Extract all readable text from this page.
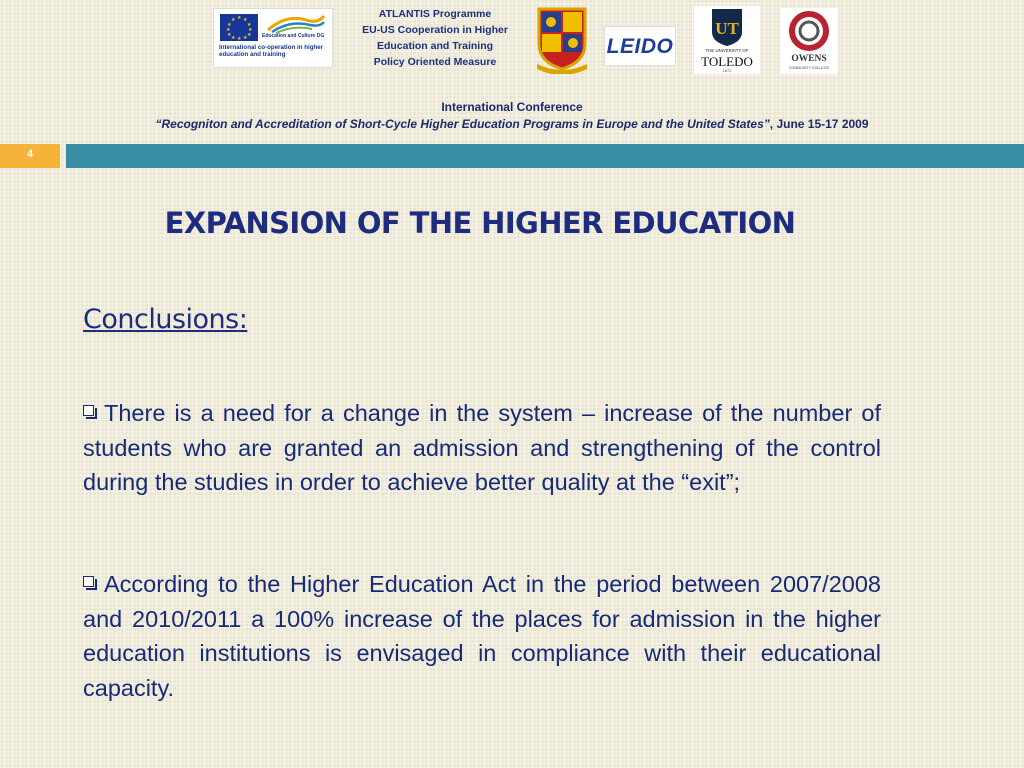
★ ★
★
★
★
★
★
★
★
★
★
★
Education and Culture DG
International co-operation in higher education and training
ATLANTIS Programme
EU-US Cooperation in Higher
Education and Training
Policy Oriented Measure
LEIDO
UT
THE UNIVERSITY OF
TOLEDO
1872
OWENS
COMMUNITY COLLEGE
International Conference
“Recogniton and Accreditation of Short-Cycle Higher Education Programs in Europe and the United States”, June 15-17 2009
4
EXPANSION OF THE HIGHER EDUCATION
Conclusions:

There is a need for a change in the system – increase of the number of students who are granted an admission and strengthening of the control during the studies in order to achieve better quality at the “exit”;

According to the Higher Education Act in the period between 2007/2008 and 2010/2011 a 100% increase of the places for admission in the higher education institutions is envisaged in compliance with their educational capacity.
